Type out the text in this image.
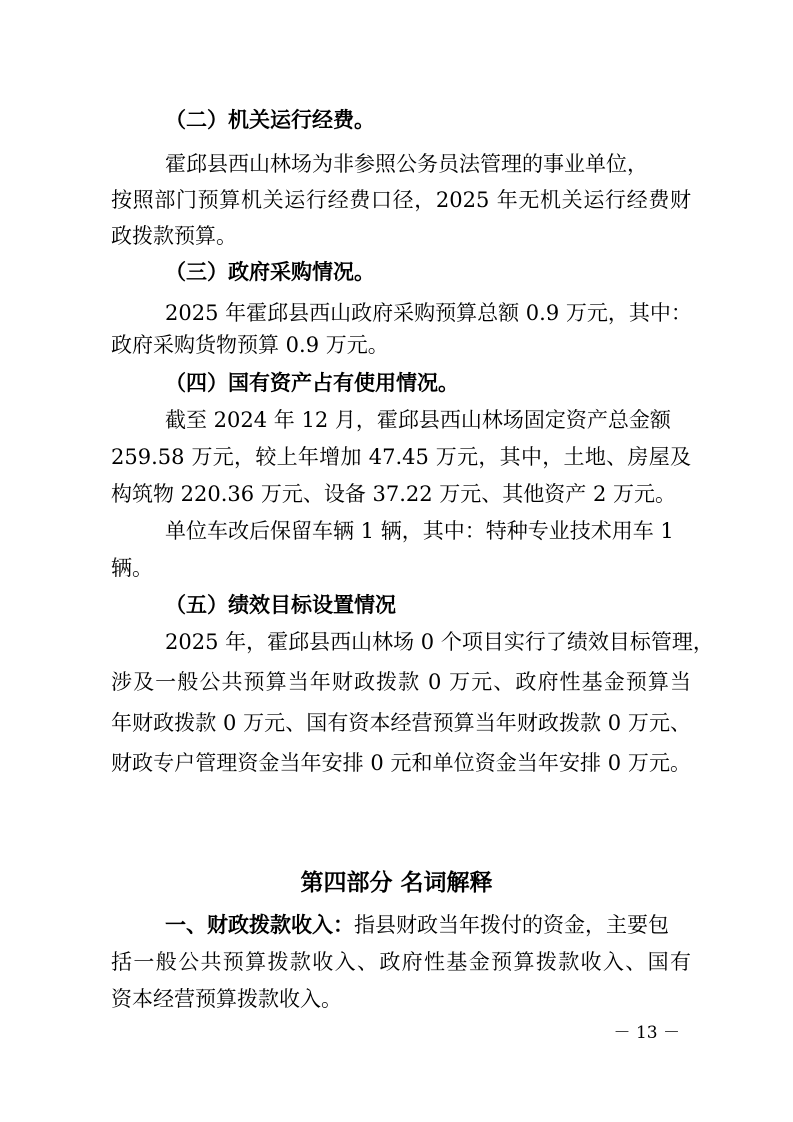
（二）机关运行经费。
霍邱县西山林场为非参照公务员法管理的事业单位，
按照部门预算机关运行经费口径，2025 年无机关运行经费财
政拨款预算。
（三）政府采购情况。
2025 年霍邱县西山政府采购预算总额 0.9 万元，其中：
政府采购货物预算 0.9 万元。
（四）国有资产占有使用情况。
截至 2024 年 12 月，霍邱县西山林场固定资产总金额
259.58 万元，较上年增加 47.45 万元，其中，土地、房屋及
构筑物 220.36 万元、设备 37.22 万元、其他资产 2 万元。
单位车改后保留车辆 1 辆，其中：特种专业技术用车 1
辆。
（五）绩效目标设置情况
2025 年，霍邱县西山林场 0 个项目实行了绩效目标管理，
涉及一般公共预算当年财政拨款 0 万元、政府性基金预算当
年财政拨款 0 万元、国有资本经营预算当年财政拨款 0 万元、
财政专户管理资金当年安排 0 元和单位资金当年安排 0 万元。
第四部分 名词解释
一、财政拨款收入：指县财政当年拨付的资金，主要包
括一般公共预算拨款收入、政府性基金预算拨款收入、国有
资本经营预算拨款收入。
－ 13 －
